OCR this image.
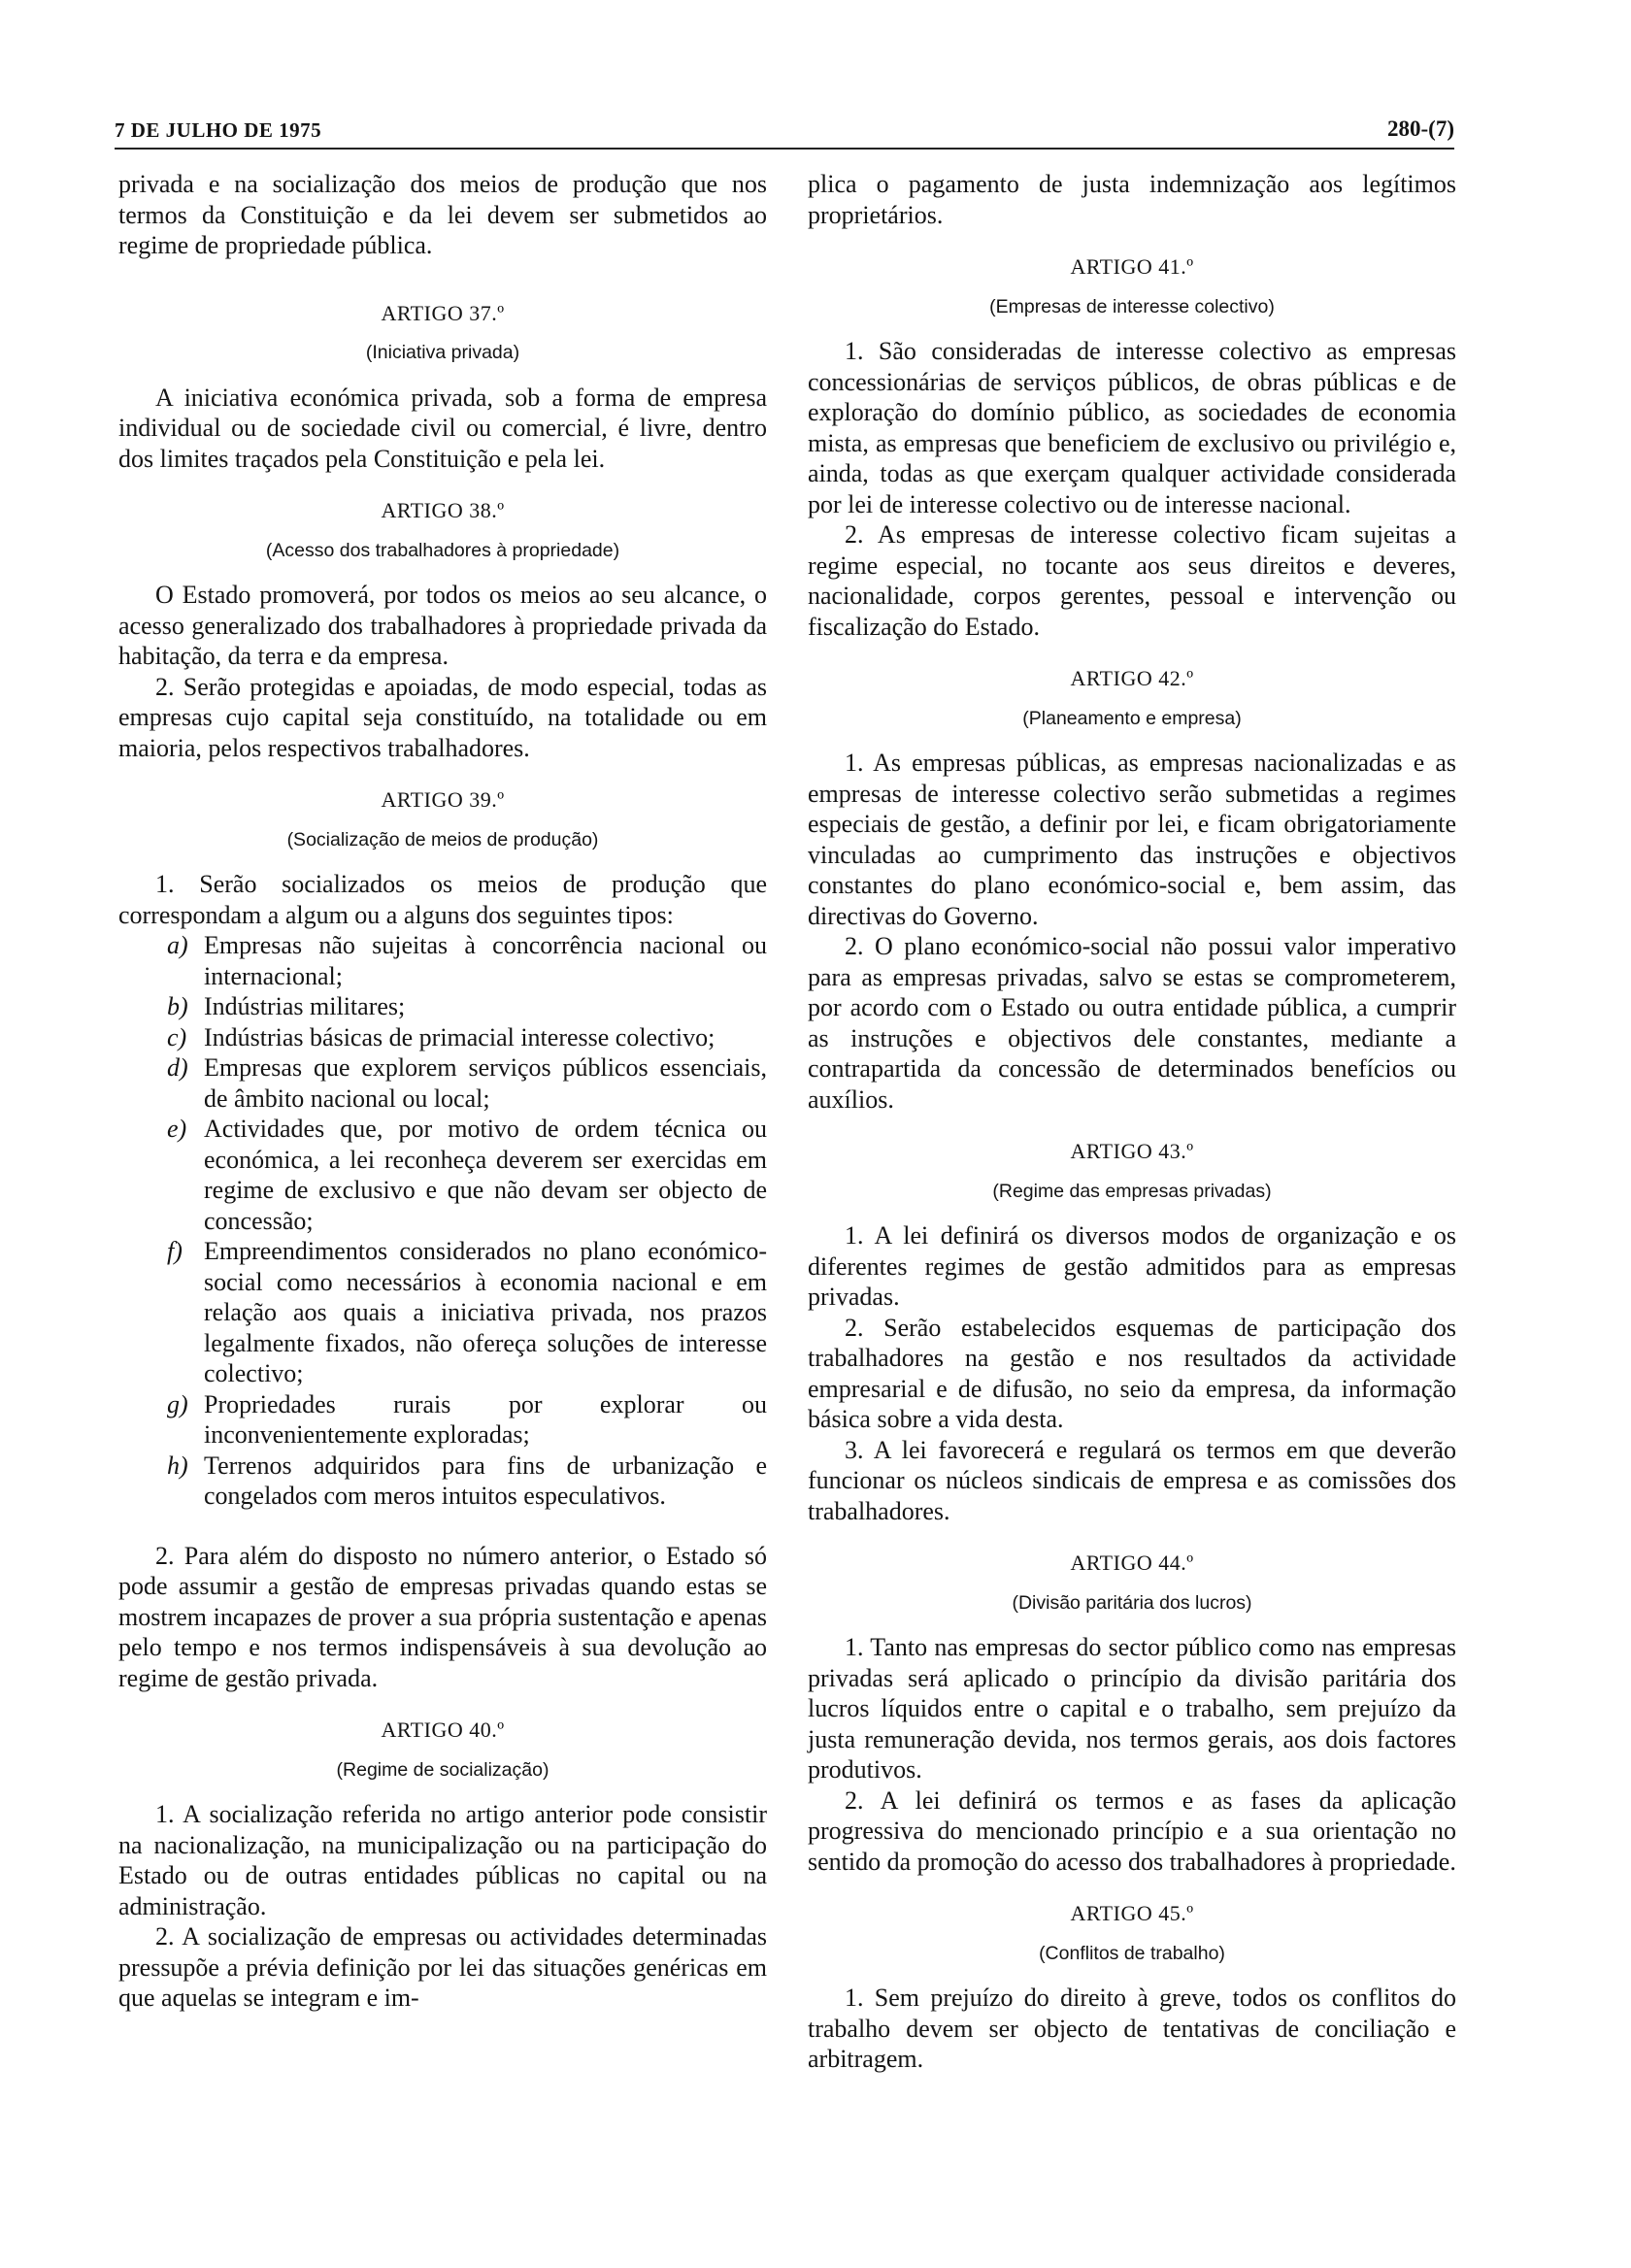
7 DE JULHO DE 1975	280-(7)

privada e na socialização dos meios de produção que nos termos da Constituição e da lei devem ser submetidos ao regime de propriedade pública.

ARTIGO 37.º
(Iniciativa privada)

A iniciativa económica privada, sob a forma de empresa individual ou de sociedade civil ou comercial, é livre, dentro dos limites traçados pela Constituição e pela lei.

ARTIGO 38.º
(Acesso dos trabalhadores à propriedade)

O Estado promoverá, por todos os meios ao seu alcance, o acesso generalizado dos trabalhadores à propriedade privada da habitação, da terra e da empresa.

2. Serão protegidas e apoiadas, de modo especial, todas as empresas cujo capital seja constituído, na totalidade ou em maioria, pelos respectivos trabalhadores.

ARTIGO 39.º
(Socialização de meios de produção)

1. Serão socializados os meios de produção que correspondam a algum ou a alguns dos seguintes tipos:

a) Empresas não sujeitas à concorrência nacional ou internacional;
b) Indústrias militares;
c) Indústrias básicas de primacial interesse colectivo;
d) Empresas que explorem serviços públicos essenciais, de âmbito nacional ou local;
e) Actividades que, por motivo de ordem técnica ou económica, a lei reconheça deverem ser exercidas em regime de exclusivo e que não devam ser objecto de concessão;
f) Empreendimentos considerados no plano económico-social como necessários à economia nacional e em relação aos quais a iniciativa privada, nos prazos legalmente fixados, não ofereça soluções de interesse colectivo;
g) Propriedades rurais por explorar ou inconvenientemente exploradas;
h) Terrenos adquiridos para fins de urbanização e congelados com meros intuitos especulativos.

2. Para além do disposto no número anterior, o Estado só pode assumir a gestão de empresas privadas quando estas se mostrem incapazes de prover a sua própria sustentação e apenas pelo tempo e nos termos indispensáveis à sua devolução ao regime de gestão privada.

ARTIGO 40.º
(Regime de socialização)

1. A socialização referida no artigo anterior pode consistir na nacionalização, na municipalização ou na participação do Estado ou de outras entidades públicas no capital ou na administração.

2. A socialização de empresas ou actividades determinadas pressupõe a prévia definição por lei das situações genéricas em que aquelas se integram e im-

plica o pagamento de justa indemnização aos legítimos proprietários.

ARTIGO 41.º
(Empresas de interesse colectivo)

1. São consideradas de interesse colectivo as empresas concessionárias de serviços públicos, de obras públicas e de exploração do domínio público, as sociedades de economia mista, as empresas que beneficiem de exclusivo ou privilégio e, ainda, todas as que exerçam qualquer actividade considerada por lei de interesse colectivo ou de interesse nacional.

2. As empresas de interesse colectivo ficam sujeitas a regime especial, no tocante aos seus direitos e deveres, nacionalidade, corpos gerentes, pessoal e intervenção ou fiscalização do Estado.

ARTIGO 42.º
(Planeamento e empresa)

1. As empresas públicas, as empresas nacionalizadas e as empresas de interesse colectivo serão submetidas a regimes especiais de gestão, a definir por lei, e ficam obrigatoriamente vinculadas ao cumprimento das instruções e objectivos constantes do plano económico-social e, bem assim, das directivas do Governo.

2. O plano económico-social não possui valor imperativo para as empresas privadas, salvo se estas se comprometerem, por acordo com o Estado ou outra entidade pública, a cumprir as instruções e objectivos dele constantes, mediante a contrapartida da concessão de determinados benefícios ou auxílios.

ARTIGO 43.º
(Regime das empresas privadas)

1. A lei definirá os diversos modos de organização e os diferentes regimes de gestão admitidos para as empresas privadas.

2. Serão estabelecidos esquemas de participação dos trabalhadores na gestão e nos resultados da actividade empresarial e de difusão, no seio da empresa, da informação básica sobre a vida desta.

3. A lei favorecerá e regulará os termos em que deverão funcionar os núcleos sindicais de empresa e as comissões dos trabalhadores.

ARTIGO 44.º
(Divisão paritária dos lucros)

1. Tanto nas empresas do sector público como nas empresas privadas será aplicado o princípio da divisão paritária dos lucros líquidos entre o capital e o trabalho, sem prejuízo da justa remuneração devida, nos termos gerais, aos dois factores produtivos.

2. A lei definirá os termos e as fases da aplicação progressiva do mencionado princípio e a sua orientação no sentido da promoção do acesso dos trabalhadores à propriedade.

ARTIGO 45.º
(Conflitos de trabalho)

1. Sem prejuízo do direito à greve, todos os conflitos do trabalho devem ser objecto de tentativas de conciliação e arbitragem.
